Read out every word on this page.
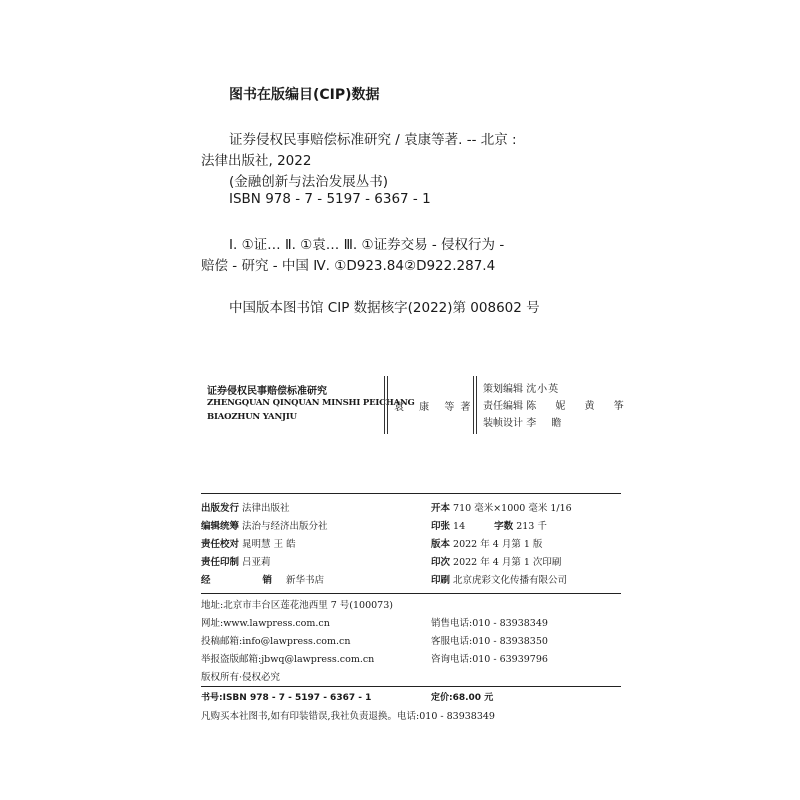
图书在版编目(CIP)数据
证券侵权民事赔偿标准研究 / 袁康等著. -- 北京 :
法律出版社, 2022
(金融创新与法治发展丛书)
ISBN 978 - 7 - 5197 - 6367 - 1
Ⅰ. ①证… Ⅱ. ①袁… Ⅲ. ①证券交易 - 侵权行为 -
赔偿 - 研究 - 中国 Ⅳ. ①D923.84②D922.287.4
中国版本图书馆 CIP 数据核字(2022)第 008602 号
证券侵权民事赔偿标准研究
ZHENGQUAN QINQUAN MINSHI PEICHANG
BIAOZHUN YANJIU
袁 康 等著
策划编辑 沈小英
责任编辑 陈 妮 黄 筝
装帧设计 李 瞻
出版发行 法律出版社
编辑统筹 法治与经济出版分社
责任校对 晁明慧 王 皓
责任印制 吕亚莉
经　　销 新华书店
开本 710 毫米×1000 毫米 1/16
印张 14	字数 213 千
版本 2022 年 4 月第 1 版
印次 2022 年 4 月第 1 次印刷
印刷 北京虎彩文化传播有限公司
地址:北京市丰台区莲花池西里 7 号(100073)
网址:www.lawpress.com.cn
投稿邮箱:info@lawpress.com.cn
举报盗版邮箱:jbwq@lawpress.com.cn
版权所有·侵权必究
销售电话:010 - 83938349
客服电话:010 - 83938350
咨询电话:010 - 63939796
书号:ISBN 978 - 7 - 5197 - 6367 - 1	定价:68.00 元
凡购买本社图书,如有印装错误,我社负责退换。电话:010 - 83938349
